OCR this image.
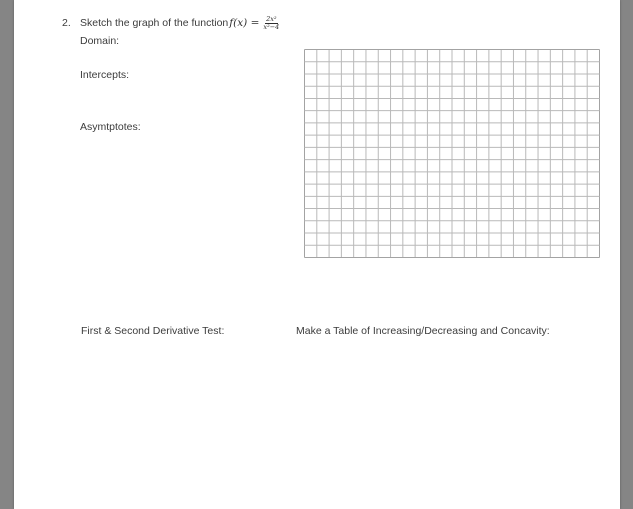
2. Sketch the graph of the function $f(x) = \frac{\text{2x²}}{\text{x²−4}}$
Domain:
Intercepts:
Asymtptotes:
First & Second Derivative Test:	Make a Table of Increasing/Decreasing and Concavity:
